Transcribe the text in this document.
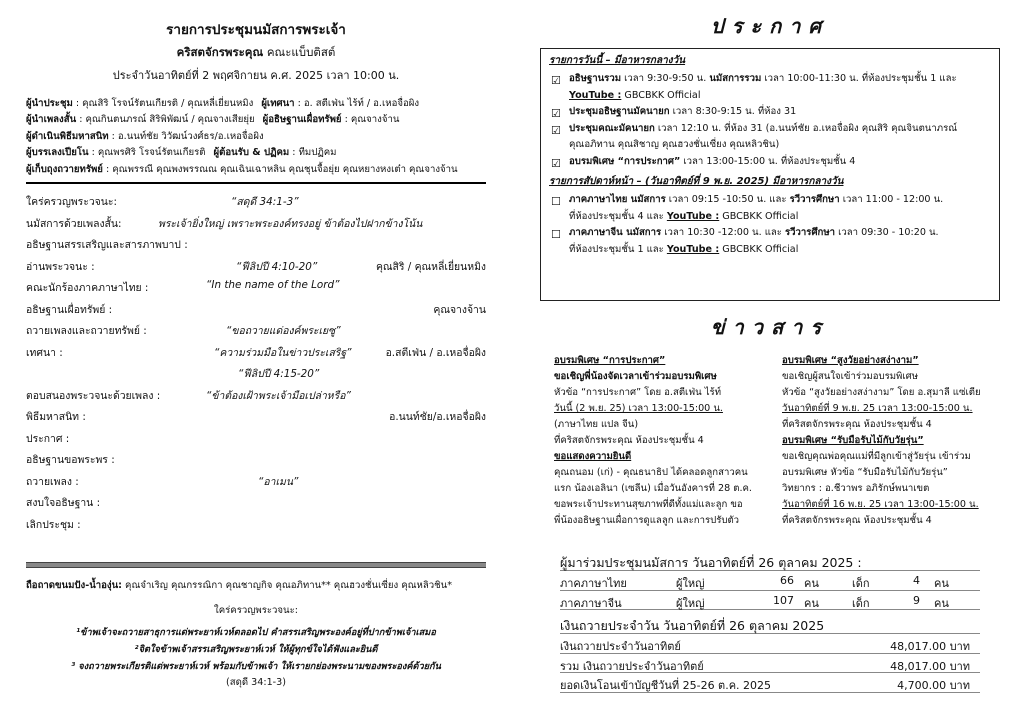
รายการประชุมนมัสการพระเจ้า
คริสตจักรพระคุณ คณะแบ็บติสต์
ประจำวันอาทิตย์ที่ 2 พฤศจิกายน ค.ศ. 2025 เวลา 10:00 น.
ผู้นำประชุม : คุณสิริ โรจน์รัตนเกียรติ / คุณหลี่เยี่ยนหมิง ผู้เทศนา : อ. สตีเฟ่น ไร้ท์ / อ.เหอจื่อผิง
ผู้นำเพลงสั้น : คุณกินตนภรณ์ สิริพิพัฒน์ / คุณจางเสียยุ่ย ผู้อธิษฐานเผื่อทรัพย์ : คุณจางจ้าน
ผู้ดำเนินพิธีมหาสนิท : อ.นนท์ชัย วิวัฒน์วงศ์ธร/อ.เหอจื่อผิง
ผู้บรรเลงเปียโน : คุณพรศิริ โรจน์รัตนเกียรติ ผู้ต้อนรับ & ปฏิคม : ทีมปฏิคม
ผู้เก็บถุงถวายทรัพย์ : คุณพรรณี คุณพงพรรณณ คุณเฉินเฉาหลิน คุณชุนจื้อยุ่ย คุณหยางหงเต๋า คุณจางจ้าน
ใคร่ครวญพระวจนะ:	“สดุดี 34:1-3”
นมัสการด้วยเพลงสั้น:	พระเจ้ายิ่งใหญ่ เพราะพระองค์ทรงอยู่ ข้าต้องไปฝากข้างโน้น
อธิษฐานสรรเสริญและสารภาพบาป :
อ่านพระวจนะ :	“ฟีลิปปี 4:10-20”	คุณสิริ / คุณหลี่เยี่ยนหมิง
คณะนักร้องภาคภาษาไทย :	“In the name of the Lord”
อธิษฐานเผื่อทรัพย์ :	คุณจางจ้าน
ถวายเพลงและถวายทรัพย์ :	“ขอถวายแด่องค์พระเยซู”
เทศนา :	“ความร่วมมือในข่าวประเสริฐ”	อ.สตีเฟ่น / อ.เหอจื่อผิง
“ฟีลิปปี 4:15-20”
ตอบสนองพระวจนะด้วยเพลง :	“ข้าต้องเฝ้าพระเจ้ามือเปล่าหรือ”
พิธีมหาสนิท :	อ.นนท์ชัย/อ.เหอจื่อผิง
ประกาศ :
อธิษฐานขอพระพร :
ถวายเพลง :	“อาเมน”
สงบใจอธิษฐาน :
เลิกประชุม :
ถือถาดขนมปัง-น้ำองุ่น: คุณจำเริญ คุณกรรณิกา คุณชาญกิจ คุณอภิทาน** คุณฮวงชั่นเซี่ยง คุณหลิวชิน*
ใคร่ครวญพระวจนะ:
¹ข้าพเจ้าจะถวายสาธุการแด่พระยาห์เวห์ตลอดไป คำสรรเสริญพระองค์อยู่ที่ปากข้าพเจ้าเสมอ
²จิตใจข้าพเจ้าสรรเสริญพระยาห์เวห์ ให้ผู้ทุกข์ใจได้ฟังและยินดี
³ จงถวายพระเกียรติแด่พระยาห์เวห์ พร้อมกับข้าพเจ้า ให้เรายกย่องพระนามของพระองค์ด้วยกัน
(สดุดี 34:1-3)
ประกาศ
รายการวันนี้ – มีอาหารกลางวัน
☑ อธิษฐานรวม เวลา 9:30-9:50 น. นมัสการรวม เวลา 10:00-11:30 น. ที่ห้องประชุมชั้น 1 และ
YouTube : GBCBKK Official
☑ ประชุมอธิษฐานมัคนายก เวลา 8:30-9:15 น. ที่ห้อง 31
☑ ประชุมคณะมัคนายก เวลา 12:10 น. ที่ห้อง 31 (อ.นนท์ชัย อ.เหอจื่อผิง คุณสิริ คุณจินตนาภรณ์
คุณอภิทาน คุณสิชาญ คุณฮวงชั่นเซี่ยง คุณหลิวชิน)
☑ อบรมพิเศษ “การประกาศ” เวลา 13:00-15:00 น. ที่ห้องประชุมชั้น 4
รายการสัปดาห์หน้า – (วันอาทิตย์ที่ 9 พ.ย. 2025) มีอาหารกลางวัน
☐ ภาคภาษาไทย นมัสการ เวลา 09:15 -10:50 น. และ รวีวารศึกษา เวลา 11:00 - 12:00 น.
ที่ห้องประชุมชั้น 4 และ YouTube : GBCBKK Official
☐ ภาคภาษาจีน นมัสการ เวลา 10:30 -12:00 น. และ รวีวารศึกษา เวลา 09:30 - 10:20 น.
ที่ห้องประชุมชั้น 1 และ YouTube : GBCBKK Official
ข่าวสาร
อบรมพิเศษ “การประกาศ”
ขอเชิญพี่น้องจัดเวลาเข้าร่วมอบรมพิเศษ
หัวข้อ “การประกาศ” โดย อ.สตีเฟ่น ไร้ท์
วันนี้ (2 พ.ย. 25) เวลา 13:00-15:00 น.
(ภาษาไทย แปล จีน)
ที่คริสตจักรพระคุณ ห้องประชุมชั้น 4
ขอแสดงความยินดี
คุณถนอม (เก่) - คุณธนาธิป ได้คลอดลูกสาวคน
แรก น้องเอลินา (เซลีน) เมื่อวันอังคารที่ 28 ต.ค.
ขอพระเจ้าประทานสุขภาพที่ดีทั้งแม่และลูก ขอ
พี่น้องอธิษฐานเผื่อการดูแลลูก และการปรับตัว
อบรมพิเศษ “สูงวัยอย่างสง่างาม”
ขอเชิญผู้สนใจเข้าร่วมอบรมพิเศษ
หัวข้อ “สูงวัยอย่างสง่างาม” โดย อ.สุมาลี แซ่เตีย
วันอาทิตย์ที่ 9 พ.ย. 25 เวลา 13:00-15:00 น.
ที่คริสตจักรพระคุณ ห้องประชุมชั้น 4
อบรมพิเศษ “รับมือรับไม้กับวัยรุ่น”
ขอเชิญคุณพ่อคุณแม่ที่มีลูกเข้าสู่วัยรุ่น เข้าร่วม
อบรมพิเศษ หัวข้อ “รับมือรับไม้กับวัยรุ่น”
วิทยากร : อ.ชีวาพร อภิรักษ์พนาเขต
วันอาทิตย์ที่ 16 พ.ย. 25 เวลา 13:00-15:00 น.
ที่คริสตจักรพระคุณ ห้องประชุมชั้น 4
ผู้มาร่วมประชุมนมัสการ วันอาทิตย์ที่ 26 ตุลาคม 2025 :
ภาคภาษาไทย	ผู้ใหญ่	66 คน	เด็ก	4 คน
ภาคภาษาจีน	ผู้ใหญ่	107 คน	เด็ก	9 คน
เงินถวายประจำวัน วันอาทิตย์ที่ 26 ตุลาคม 2025
เงินถวายประจำวันอาทิตย์	48,017.00 บาท
รวม เงินถวายประจำวันอาทิตย์	48,017.00 บาท
ยอดเงินโอนเข้าบัญชีวันที่ 25-26 ต.ค. 2025	4,700.00 บาท
